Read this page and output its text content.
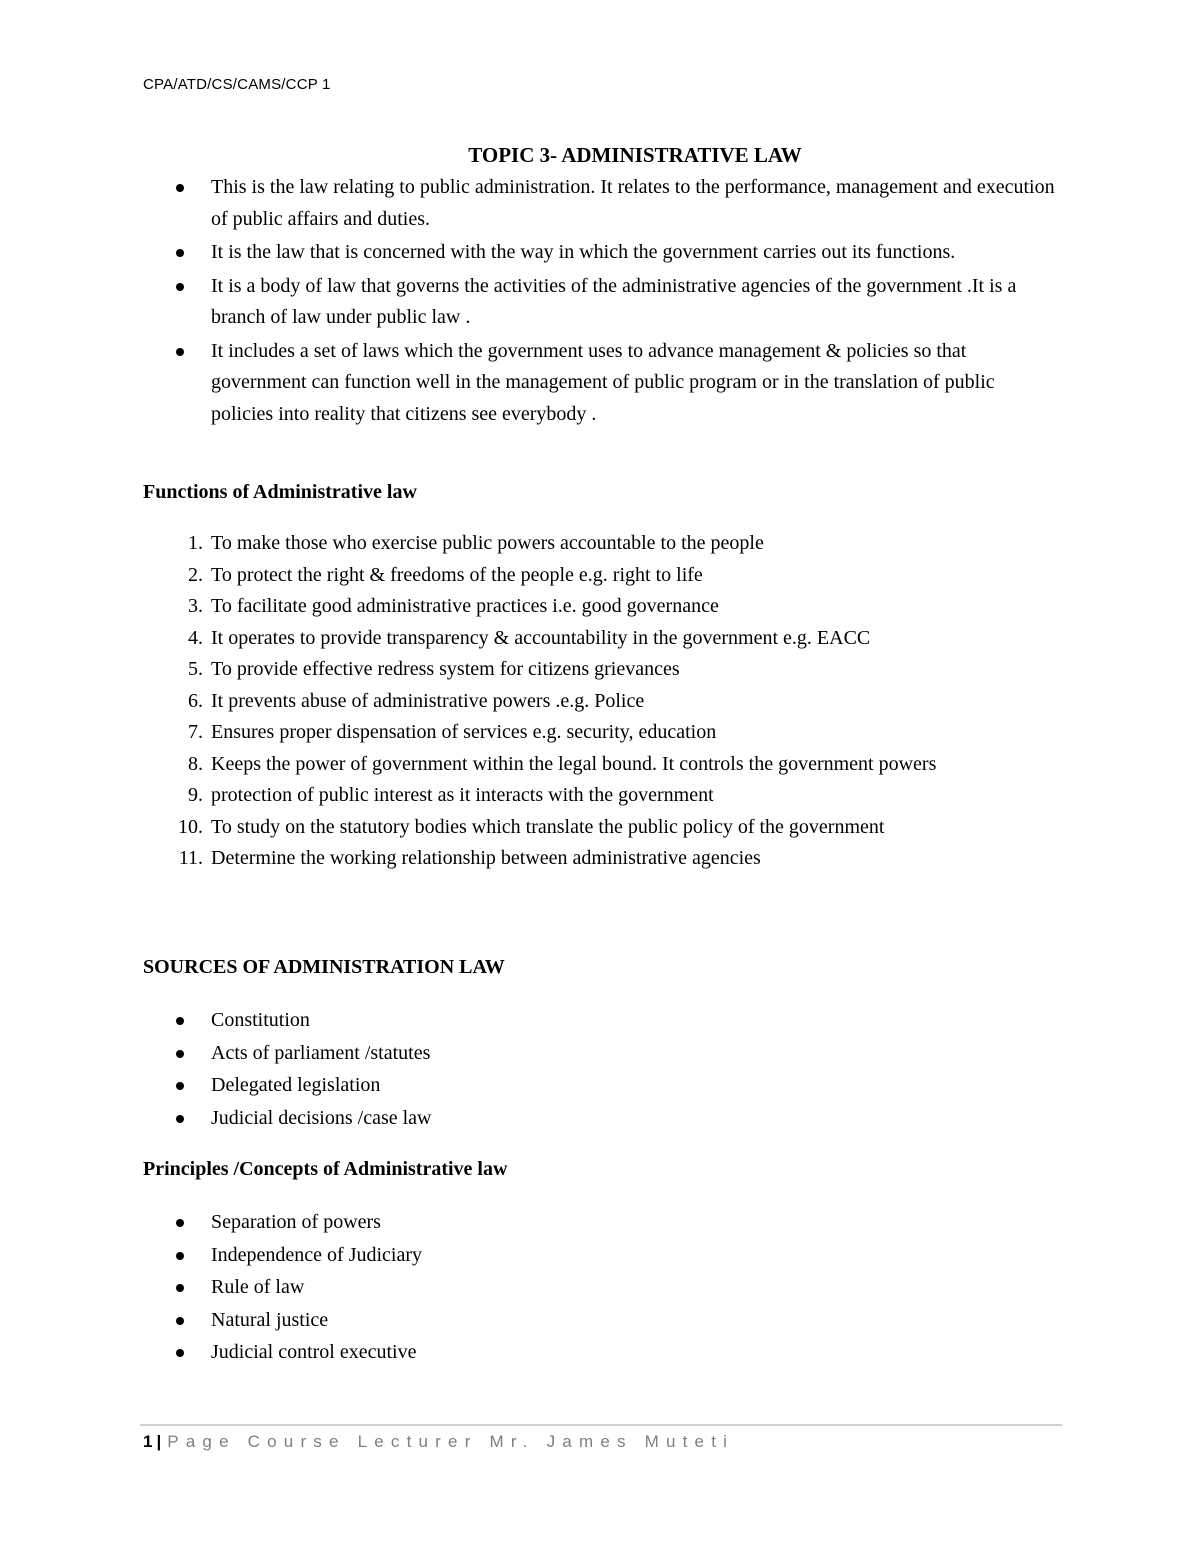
CPA/ATD/CS/CAMS/CCP 1
TOPIC 3- ADMINISTRATIVE LAW
This is the law relating to public administration. It relates to the performance, management and execution of public affairs and duties.
It is the law that is concerned with the way in which the government carries out its functions.
It is a body of law that governs the activities of the administrative agencies of the government .It is a branch of law under public law .
It includes a set of laws which the government uses to advance management & policies so that government can function well in the management of public program or in the translation of public policies into reality that citizens see everybody .
Functions of Administrative law
1. To make those who exercise public powers accountable to the people
2. To protect the right & freedoms of the people e.g. right to life
3. To facilitate good administrative practices i.e. good governance
4. It operates to provide transparency & accountability in the government e.g. EACC
5. To provide effective redress system for citizens grievances
6. It prevents abuse of administrative powers .e.g. Police
7. Ensures proper dispensation of services e.g. security, education
8. Keeps the power of government within the legal bound. It controls the government powers
9. protection of public interest as it interacts with the government
10. To study on the statutory bodies which translate the public policy of the government
11. Determine the working relationship between administrative agencies
SOURCES OF ADMINISTRATION LAW
Constitution
Acts of parliament /statutes
Delegated legislation
Judicial decisions /case law
Principles /Concepts of Administrative law
Separation of powers
Independence of Judiciary
Rule of law
Natural justice
Judicial control executive
1 | Page Course Lecturer Mr. James Muteti
